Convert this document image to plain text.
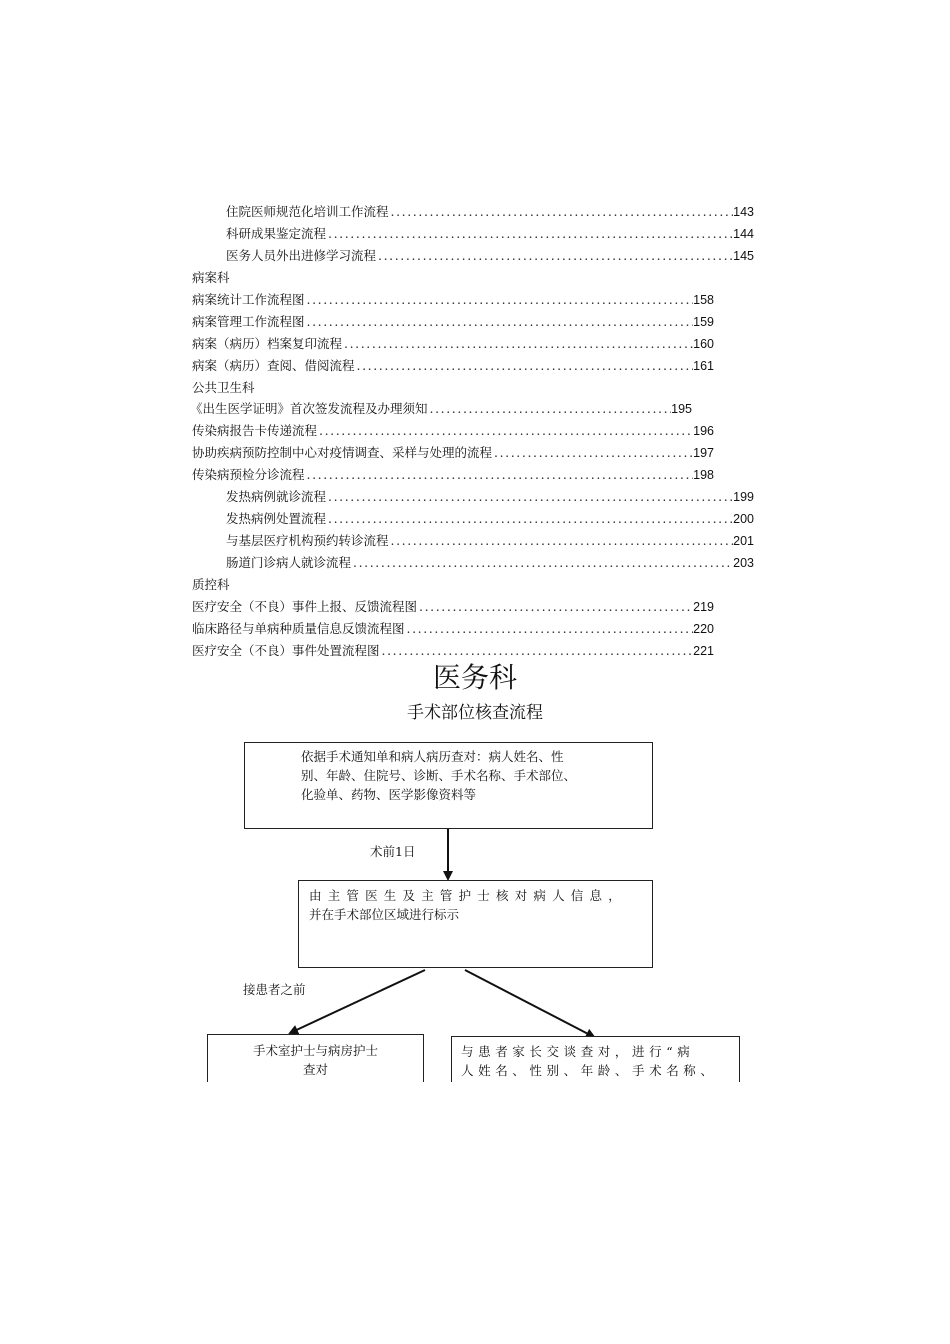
住院医师规范化培训工作流程 .....	143
科研成果鉴定流程 .....	144
医务人员外出进修学习流程 .....	145
病案科
病案统计工作流程图 .....	158
病案管理工作流程图 .....	159
病案（病历）档案复印流程 .....	160
病案（病历）查阅、借阅流程 .....	161
公共卫生科
《出生医学证明》首次签发流程及办理须知 .....	195
传染病报告卡传递流程 .....	196
协助疾病预防控制中心对疫情调查、采样与处理的流程 .....	197
传染病预检分诊流程 .....	198
发热病例就诊流程 .....	199
发热病例处置流程 .....	200
与基层医疗机构预约转诊流程 .....	201
肠道门诊病人就诊流程 .....	203
质控科
医疗安全（不良）事件上报、反馈流程图 .....	219
临床路径与单病种质量信息反馈流程图 .....	220
医疗安全（不良）事件处置流程图 .....	221
医务科
手术部位核查流程
依据手术通知单和病人病历查对：病人姓名、性
别、年龄、住院号、诊断、手术名称、手术部位、
化验单、药物、医学影像资料等
术前1日
由主管医生及主管护士核对病人信息，
并在手术部位区域进行标示
接患者之前
手术室护士与病房护士
查对
与患者家长交谈查对，进行“病
人姓名、性别、年龄、手术名称、
